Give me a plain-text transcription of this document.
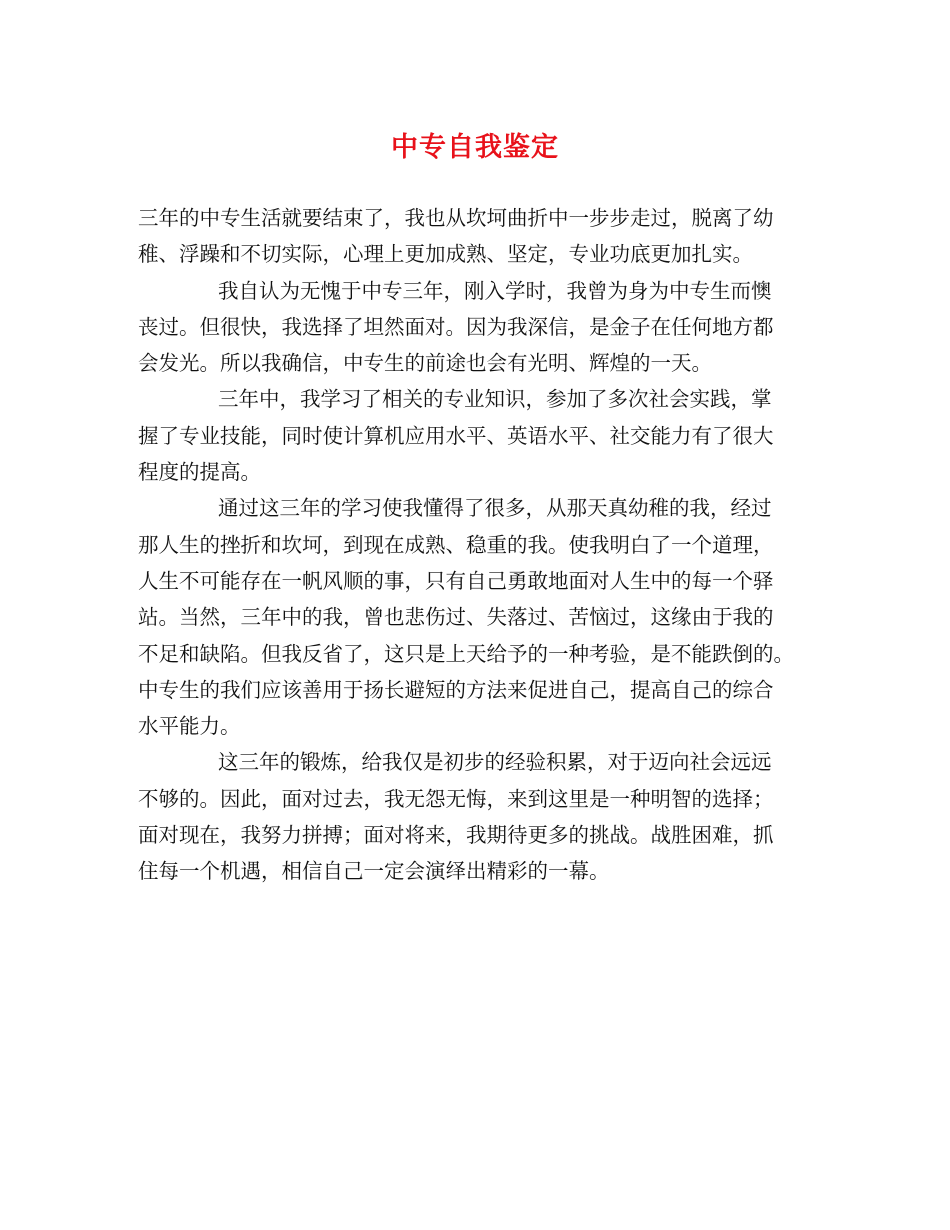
中专自我鉴定
三年的中专生活就要结束了，我也从坎坷曲折中一步步走过，脱离了幼
稚、浮躁和不切实际，心理上更加成熟、坚定，专业功底更加扎实。
我自认为无愧于中专三年，刚入学时，我曾为身为中专生而懊
丧过。但很快，我选择了坦然面对。因为我深信，是金子在任何地方都
会发光。所以我确信，中专生的前途也会有光明、辉煌的一天。
三年中，我学习了相关的专业知识，参加了多次社会实践，掌
握了专业技能，同时使计算机应用水平、英语水平、社交能力有了很大
程度的提高。
通过这三年的学习使我懂得了很多，从那天真幼稚的我，经过
那人生的挫折和坎坷，到现在成熟、稳重的我。使我明白了一个道理，
人生不可能存在一帆风顺的事，只有自己勇敢地面对人生中的每一个驿
站。当然，三年中的我，曾也悲伤过、失落过、苦恼过，这缘由于我的
不足和缺陷。但我反省了，这只是上天给予的一种考验，是不能跌倒的。
中专生的我们应该善用于扬长避短的方法来促进自己，提高自己的综合
水平能力。
这三年的锻炼，给我仅是初步的经验积累，对于迈向社会远远
不够的。因此，面对过去，我无怨无悔，来到这里是一种明智的选择；
面对现在，我努力拼搏；面对将来，我期待更多的挑战。战胜困难，抓
住每一个机遇，相信自己一定会演绎出精彩的一幕。
